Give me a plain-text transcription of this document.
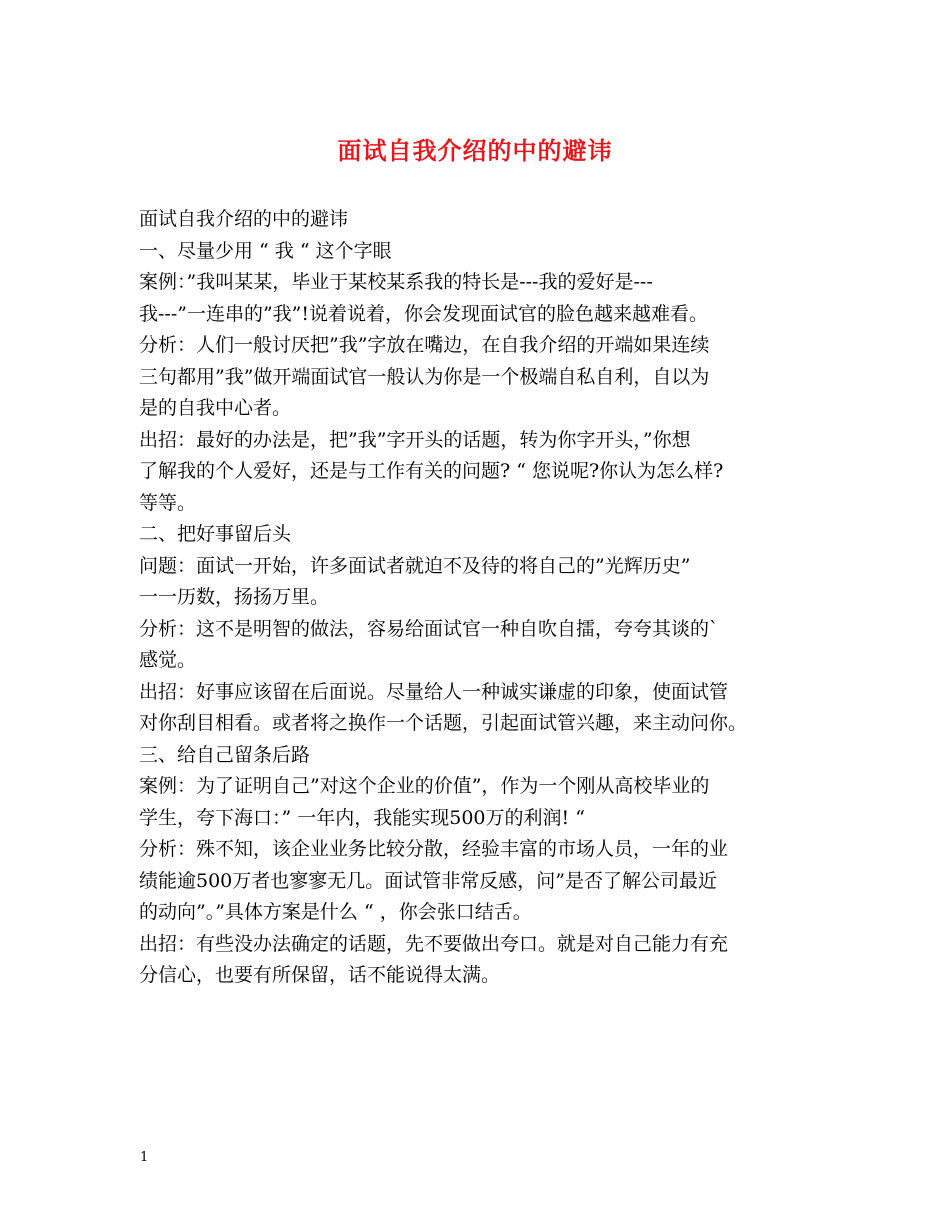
面试自我介绍的中的避讳
面试自我介绍的中的避讳
一、尽量少用 “ 我 “ 这个字眼
案例：”我叫某某，毕业于某校某系我的特长是---我的爱好是---
我---”一连串的”我”!说着说着，你会发现面试官的脸色越来越难看。
分析：人们一般讨厌把”我”字放在嘴边，在自我介绍的开端如果连续
三句都用”我”做开端面试官一般认为你是一个极端自私自利，自以为
是的自我中心者。
出招：最好的办法是，把”我”字开头的话题，转为你字开头，”你想
了解我的个人爱好，还是与工作有关的问题? “ 您说呢?你认为怎么样?
等等。
二、把好事留后头
问题：面试一开始，许多面试者就迫不及待的将自己的”光辉历史”
一一历数，扬扬万里。
分析：这不是明智的做法，容易给面试官一种自吹自擂，夸夸其谈的`
感觉。
出招：好事应该留在后面说。尽量给人一种诚实谦虚的印象，使面试管
对你刮目相看。或者将之换作一个话题，引起面试管兴趣，来主动问你。
三、给自己留条后路
案例：为了证明自己”对这个企业的价值”，作为一个刚从高校毕业的
学生，夸下海口：” 一年内，我能实现500万的利润! “
分析：殊不知，该企业业务比较分散，经验丰富的市场人员，一年的业
绩能逾500万者也寥寥无几。面试管非常反感，问”是否了解公司最近
的动向”。”具体方案是什么 “ ，你会张口结舌。
出招：有些没办法确定的话题，先不要做出夸口。就是对自己能力有充
分信心，也要有所保留，话不能说得太满。
1
